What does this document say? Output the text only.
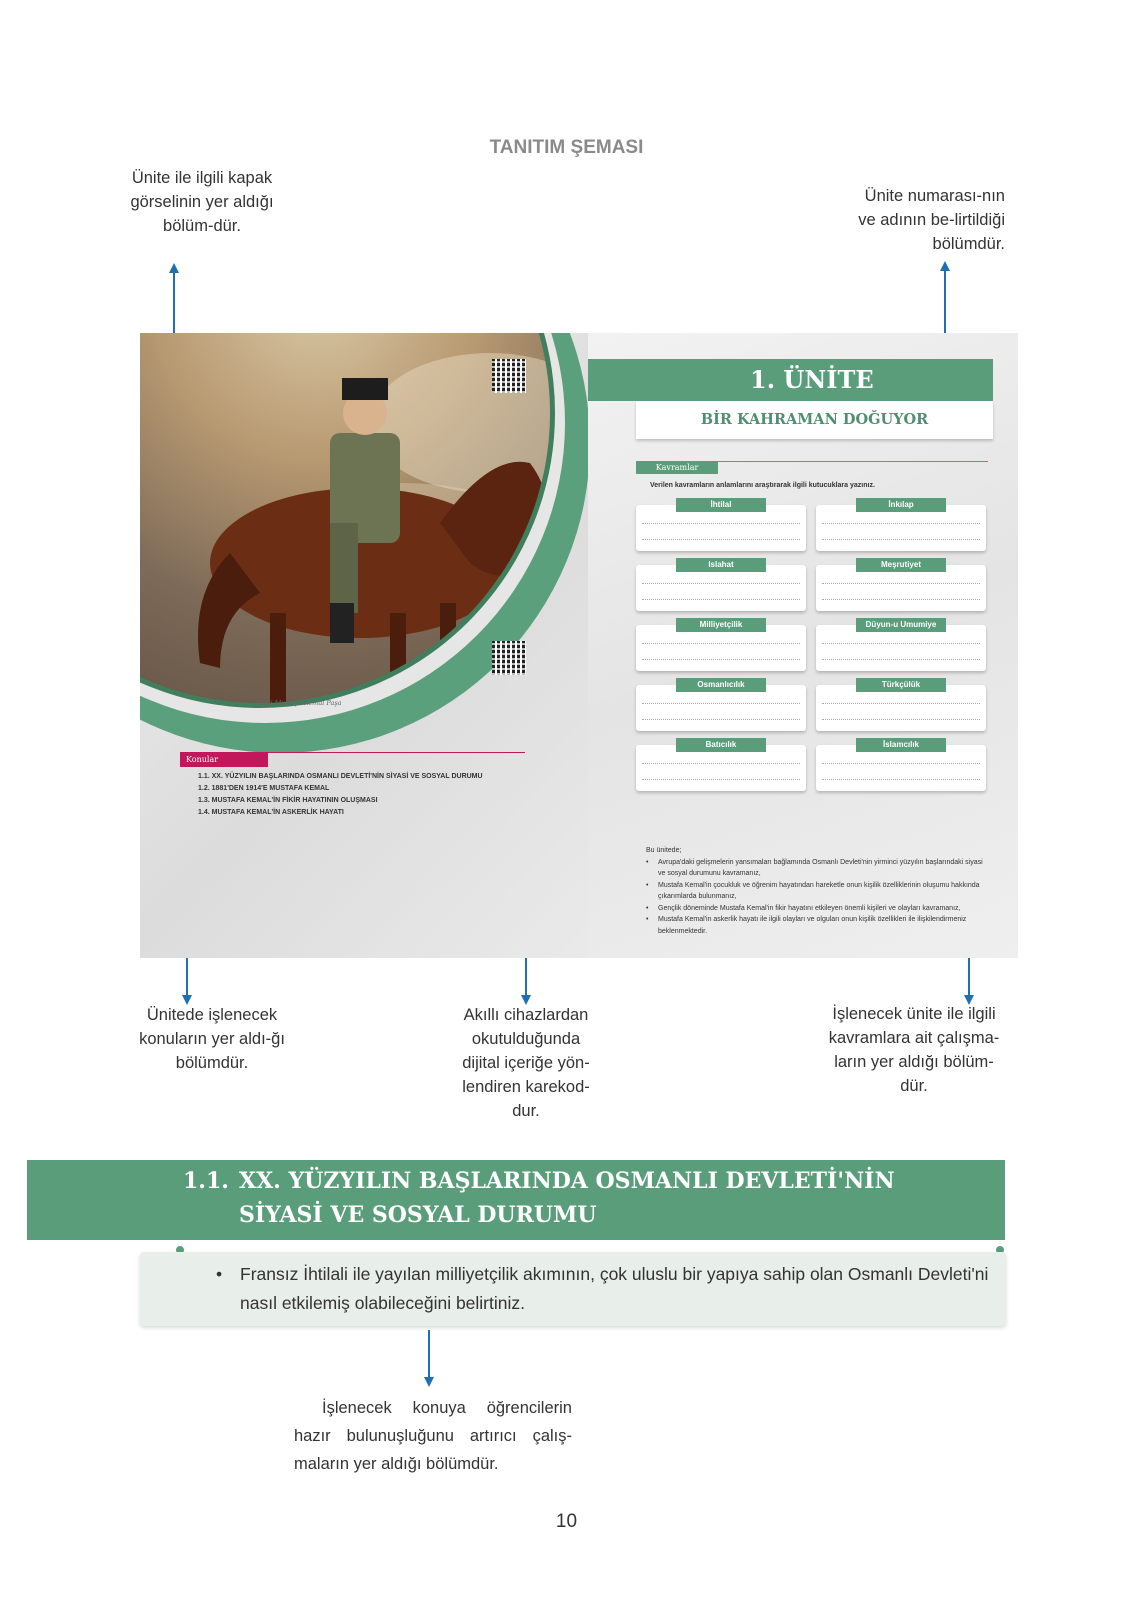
TANITIM ŞEMASI
Ünite ile ilgili kapak görselinin yer aldığı bölüm-dür.
Ünite numarası-nın ve adının be-lirtildiği bölümdür.
Gazi Mustafa Kemal Paşa
Konular
1.1. XX. YÜZYILIN BAŞLARINDA OSMANLI DEVLETİ'NİN SİYASİ VE SOSYAL DURUMU
1.2. 1881'DEN 1914'E MUSTAFA KEMAL
1.3. MUSTAFA KEMAL'İN FİKİR HAYATININ OLUŞMASI
1.4. MUSTAFA KEMAL'İN ASKERLİK HAYATI
1. ÜNİTE
BİR KAHRAMAN DOĞUYOR
Kavramlar
Verilen kavramların anlamlarını araştırarak ilgili kutucuklara yazınız.
İhtilal	İnkılap
Islahat	Meşrutiyet
Milliyetçilik	Düyun-u Umumiye
Osmanlıcılık	Türkçülük
Batıcılık	İslamcılık
Bu ünitede;
•	Avrupa'daki gelişmelerin yansımaları bağlamında Osmanlı Devleti'nin yirminci yüzyılın başlarındaki siyasi ve sosyal durumunu kavramanız,
•	Mustafa Kemal'in çocukluk ve öğrenim hayatından hareketle onun kişilik özelliklerinin oluşumu hakkında çıkarımlarda bulunmanız,
•	Gençlik döneminde Mustafa Kemal'in fikir hayatını etkileyen önemli kişileri ve olayları kavramanız,
•	Mustafa Kemal'in askerlik hayatı ile ilgili olayları ve olguları onun kişilik özellikleri ile ilişkilendirmeniz beklenmektedir.
Ünitede işlenecek konuların yer aldı-ğı bölümdür.
Akıllı cihazlardan okutulduğunda dijital içeriğe yön-lendiren karekod-dur.
İşlenecek ünite ile ilgili kavramlara ait çalışma-ların yer aldığı bölüm-dür.
1.1. XX. YÜZYILIN BAŞLARINDA OSMANLI DEVLETİ'NİN
SİYASİ VE SOSYAL DURUMU
• Fransız İhtilali ile yayılan milliyetçilik akımının, çok uluslu bir yapıya sahip olan Osmanlı Devleti'ni nasıl etkilemiş olabileceğini belirtiniz.
İşlenecek konuya öğrencilerin hazır bulunuşluğunu artırıcı çalış-maların yer aldığı bölümdür.
10
